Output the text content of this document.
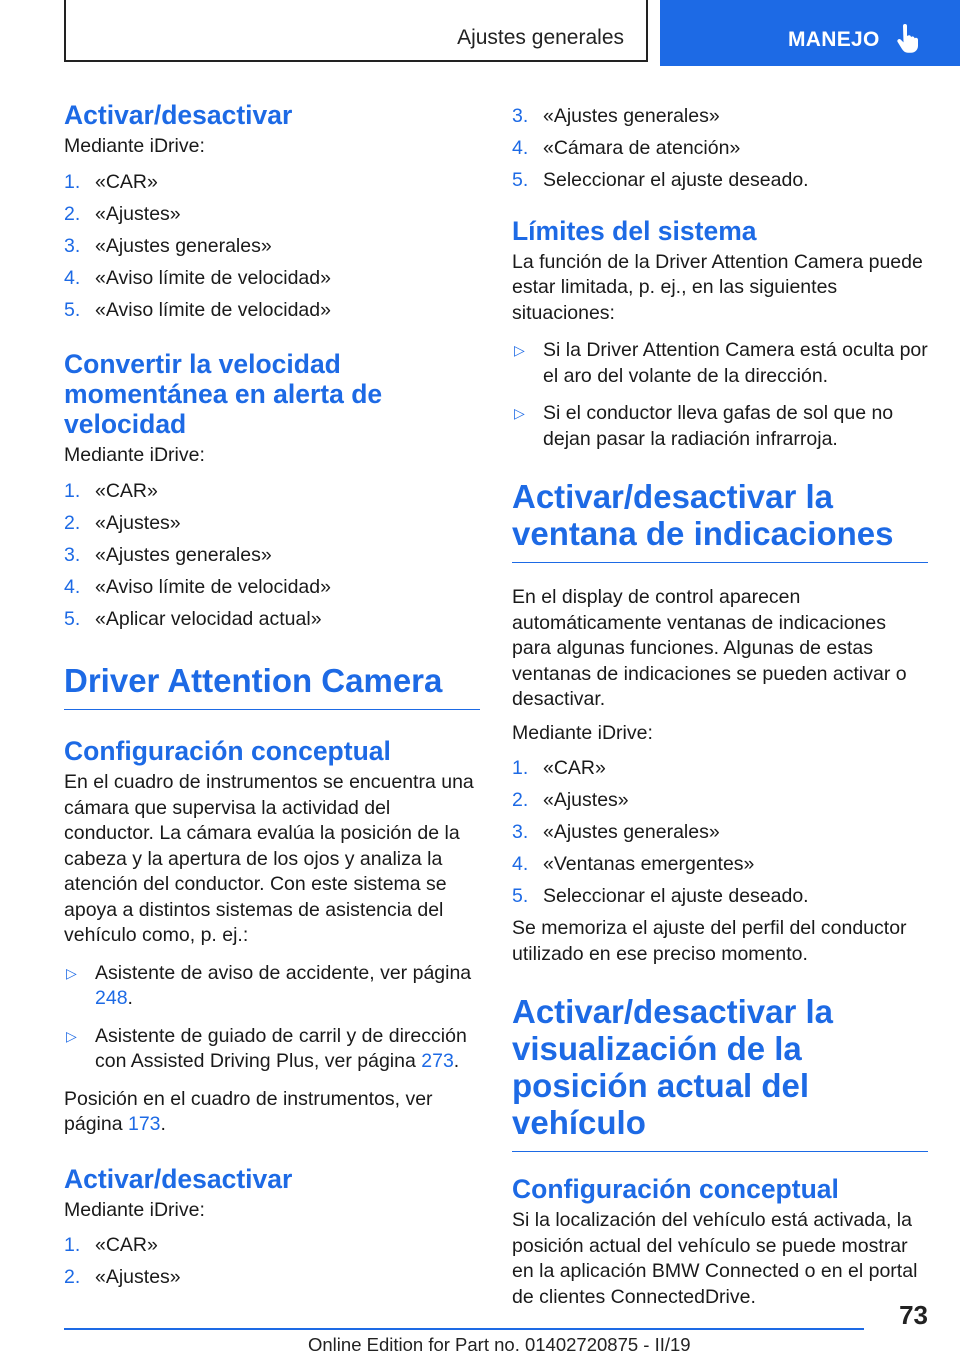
Ajustes generales	MANEJO
Activar/desactivar

Mediante iDrive:

1. «CAR»
2. «Ajustes»
3. «Ajustes generales»
4. «Aviso límite de velocidad»
5. «Aviso límite de velocidad»
Convertir la velocidad momentánea en alerta de velocidad

Mediante iDrive:

1. «CAR»
2. «Ajustes»
3. «Ajustes generales»
4. «Aviso límite de velocidad»
5. «Aplicar velocidad actual»
Driver Attention Camera
Configuración conceptual

En el cuadro de instrumentos se encuentra una cámara que supervisa la actividad del conductor. La cámara evalúa la posición de la cabeza y la apertura de los ojos y analiza la atención del conductor. Con este sistema se apoya a distintos sistemas de asistencia del vehículo como, p. ej.:

▷ Asistente de aviso de accidente, ver página 248.
▷ Asistente de guiado de carril y de dirección con Assisted Driving Plus, ver página 273.

Posición en el cuadro de instrumentos, ver página 173.

Activar/desactivar

Mediante iDrive:

1. «CAR»
2. «Ajustes»
3. «Ajustes generales»
4. «Cámara de atención»
5. Seleccionar el ajuste deseado.
Límites del sistema

La función de la Driver Attention Camera puede estar limitada, p. ej., en las siguientes situaciones:

▷ Si la Driver Attention Camera está oculta por el aro del volante de la dirección.
▷ Si el conductor lleva gafas de sol que no dejan pasar la radiación infrarroja.
Activar/desactivar la ventana de indicaciones

En el display de control aparecen automáticamente ventanas de indicaciones para algunas funciones. Algunas de estas ventanas de indicaciones se pueden activar o desactivar.

Mediante iDrive:

1. «CAR»
2. «Ajustes»
3. «Ajustes generales»
4. «Ventanas emergentes»
5. Seleccionar el ajuste deseado.

Se memoriza el ajuste del perfil del conductor utilizado en ese preciso momento.

Activar/desactivar la visualización de la posición actual del vehículo
Configuración conceptual

Si la localización del vehículo está activada, la posición actual del vehículo se puede mostrar en la aplicación BMW Connected o en el portal de clientes ConnectedDrive.

73
Online Edition for Part no. 01402720875 - II/19
